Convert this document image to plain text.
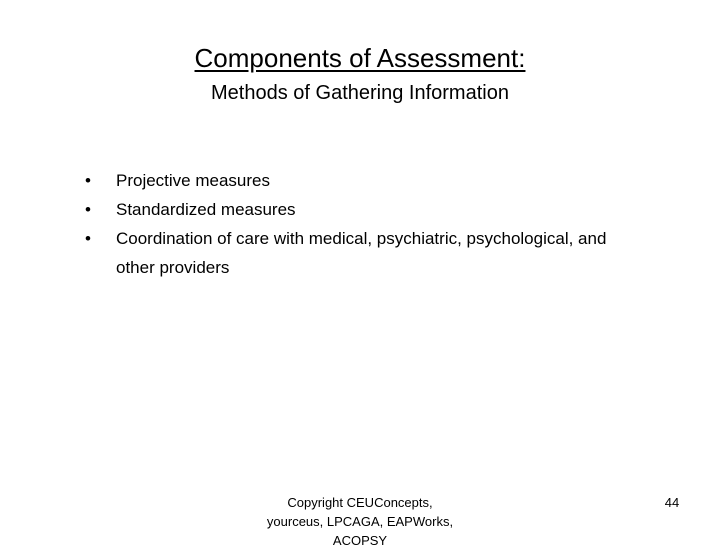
Components of Assessment:
Methods of Gathering Information
• Projective measures
• Standardized measures
• Coordination of care with medical, psychiatric, psychological, and other providers
Copyright CEUConcepts,
yourceus, LPCAGA, EAPWorks,
ACOPSY
44
